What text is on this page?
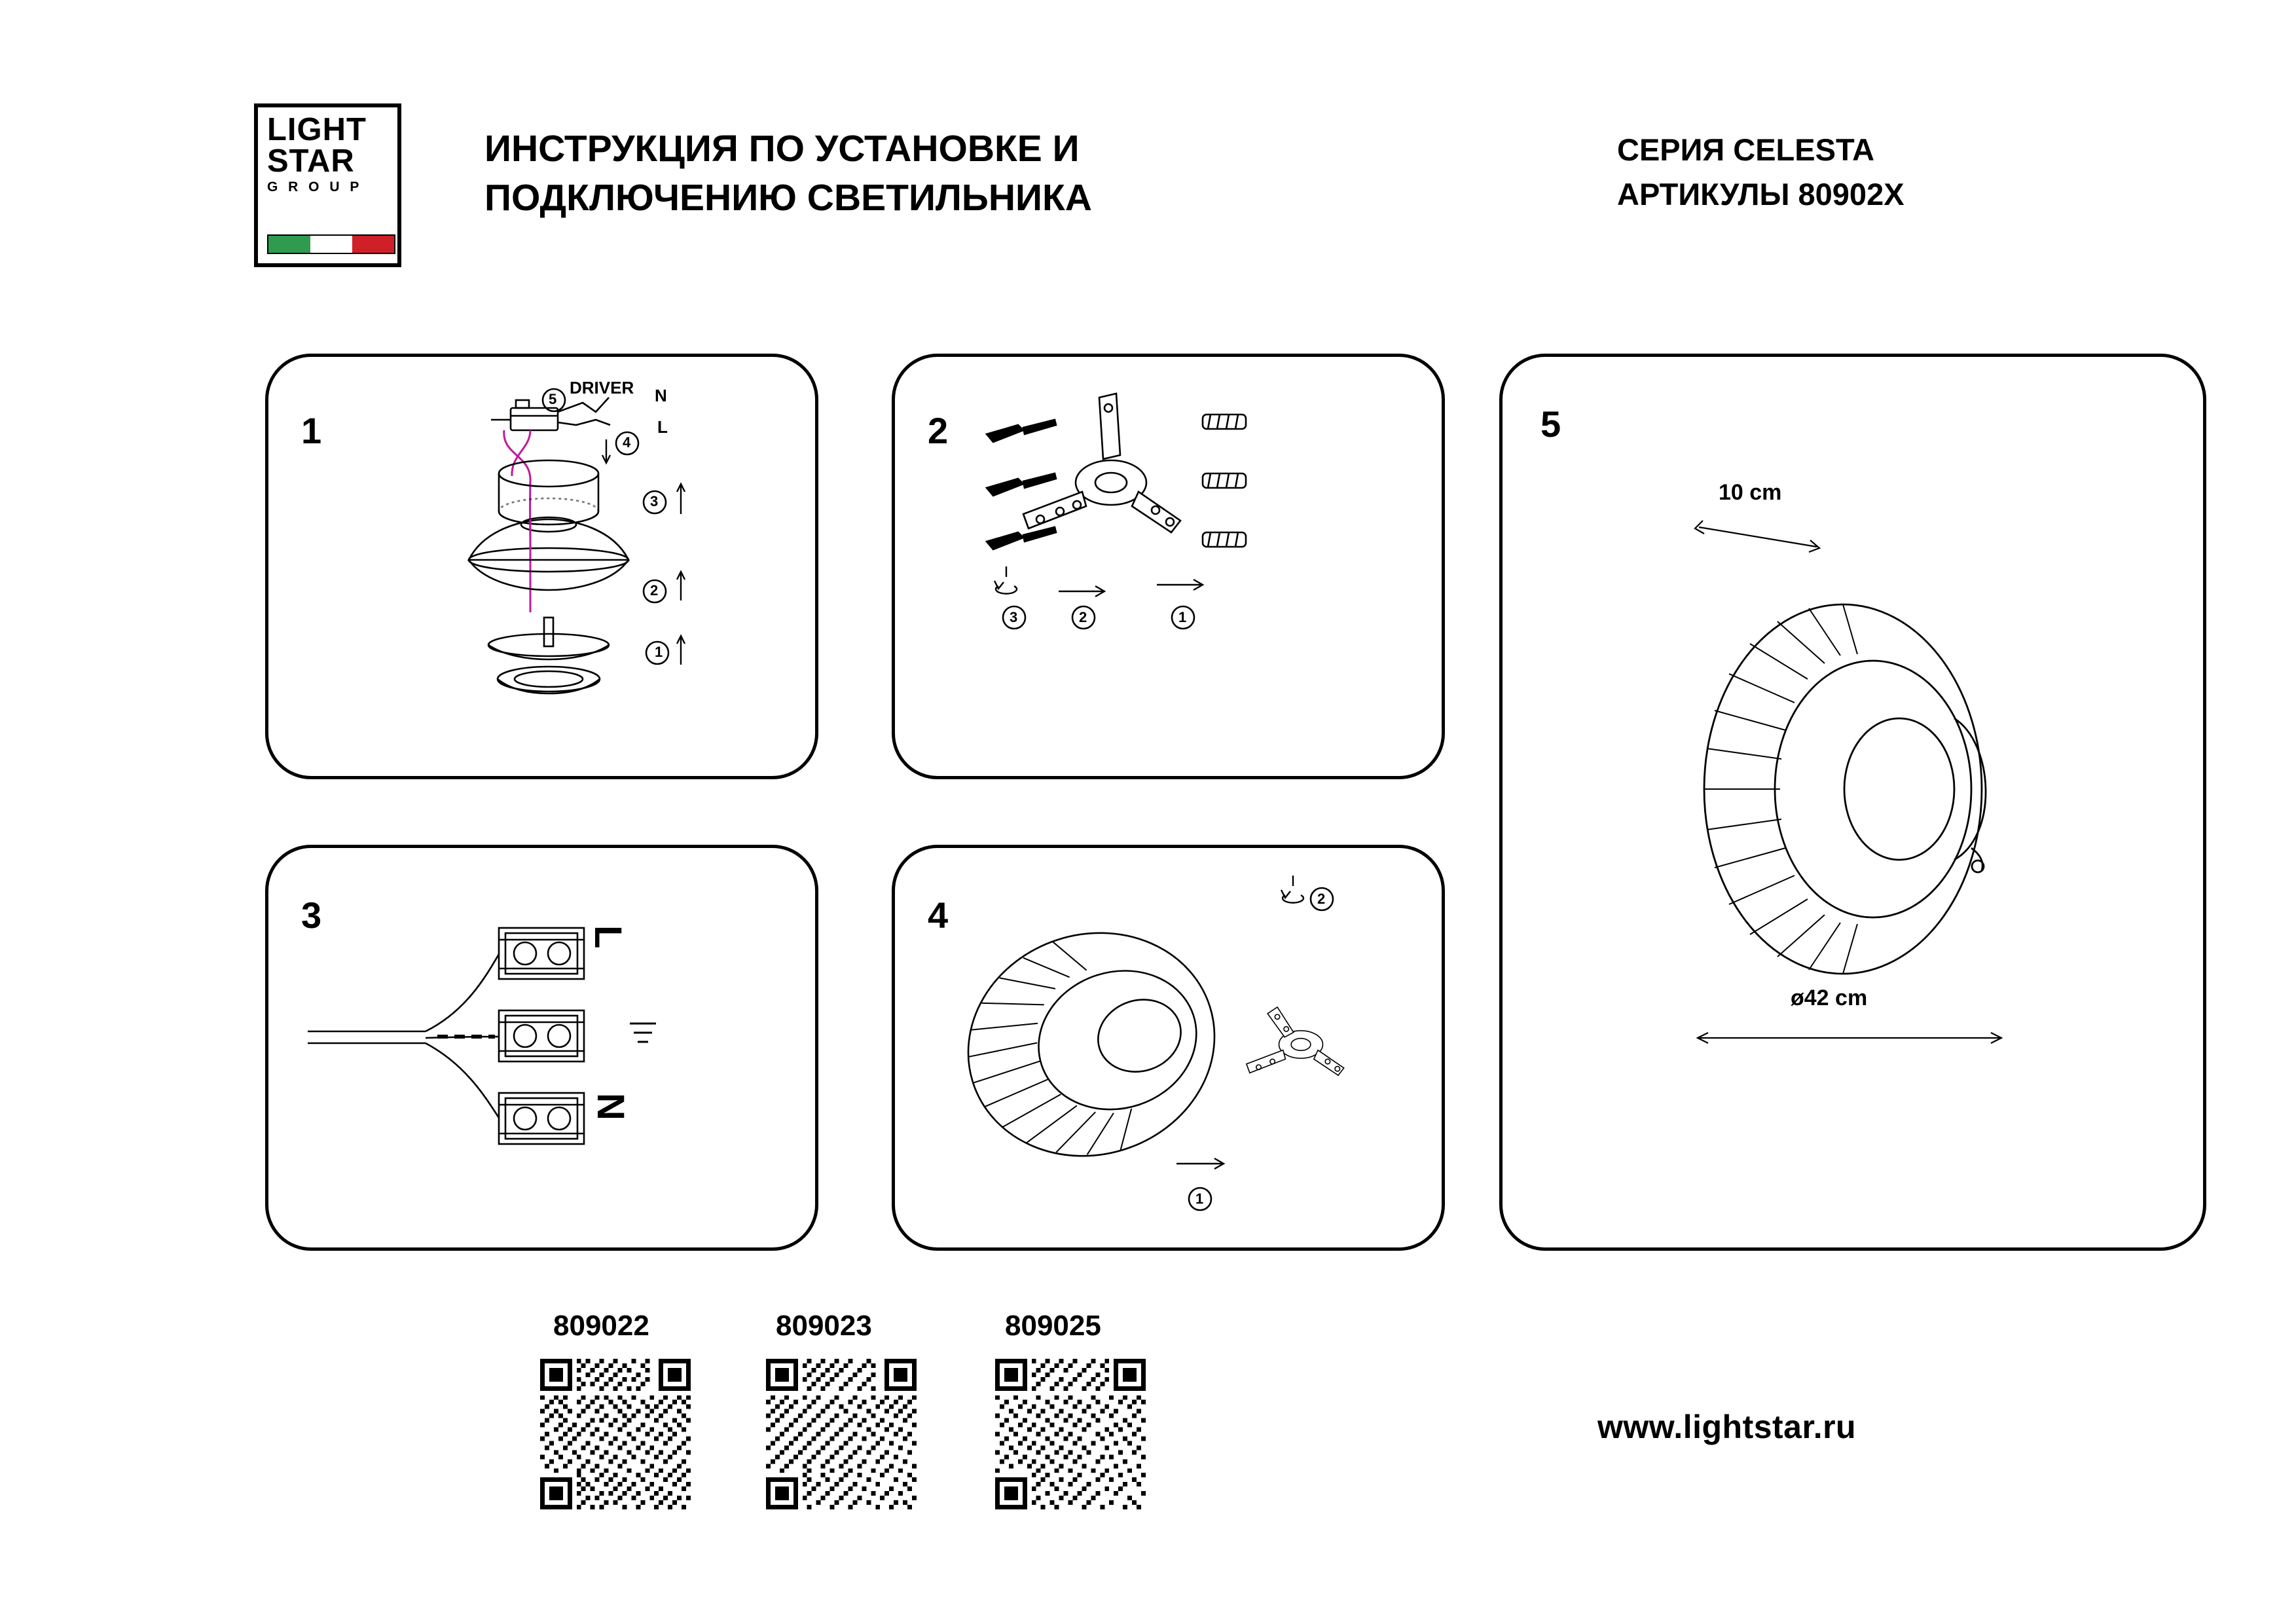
LIGHT
STAR
G R O U P
ИНСТРУКЦИЯ ПО УСТАНОВКЕ И
ПОДКЛЮЧЕНИЮ СВЕТИЛЬНИКА
СЕРИЯ CELESTA
АРТИКУЛЫ 80902X
1
DRIVER N
L
5
4
3
2
1
2
3	2	1
3
L
N
4	2
1
5
10 cm
ø42 cm
809022	809023	809025
www.lightstar.ru
